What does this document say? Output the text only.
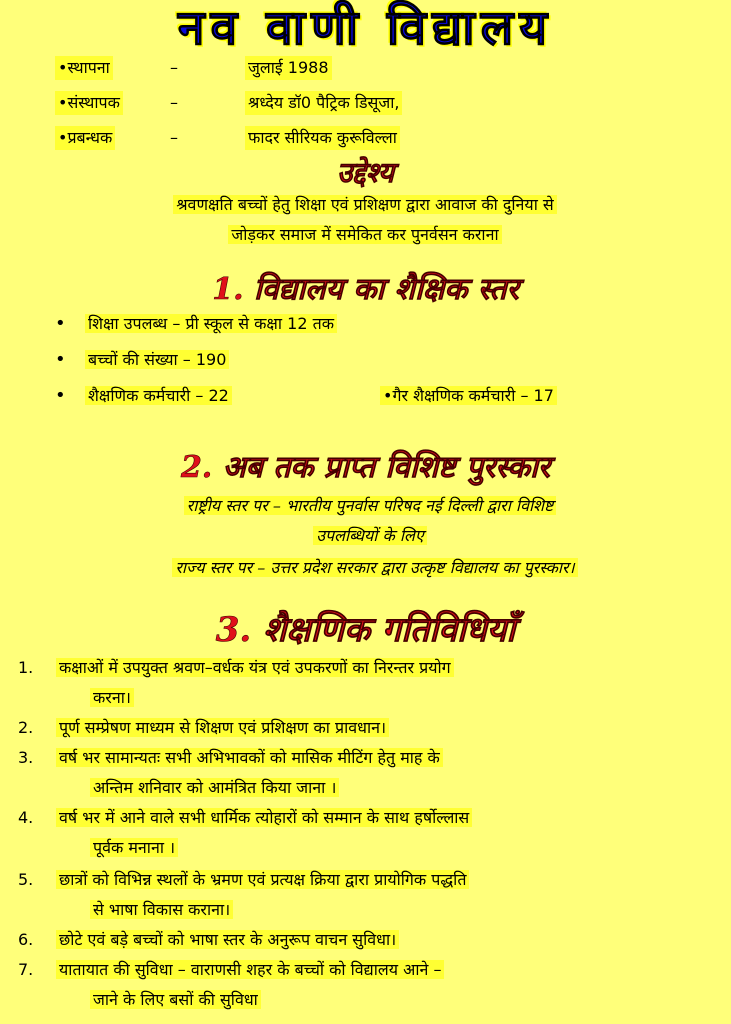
नव वाणी विद्यालय
•स्थापना	–	जुलाई 1988
•संस्थापक	–	श्रध्देय डॉ0 पैट्रिक डिसूजा,
•प्रबन्धक	–	फादर सीरियक कुरूविल्ला
उद्देश्य
श्रवणक्षति बच्चों हेतु शिक्षा एवं प्रशिक्षण द्वारा आवाज की दुनिया से
जोड़कर समाज में समेकित कर पुनर्वसन कराना
1. विद्यालय का शैक्षिक स्तर
• शिक्षा उपलब्ध – प्री स्कूल से कक्षा 12 तक
• बच्चों की संख्या – 190
• शैक्षणिक कर्मचारी – 22	•गैर शैक्षणिक कर्मचारी – 17
2. अब तक प्राप्त विशिष्ट पुरस्कार
राष्ट्रीय स्तर पर – भारतीय पुनर्वास परिषद नई दिल्ली द्वारा विशिष्ट
उपलब्धियों के लिए
राज्य स्तर पर – उत्तर प्रदेश सरकार द्वारा उत्कृष्ट विद्यालय का पुरस्कार।
3. शैक्षणिक गतिविधियाँ
1. कक्षाओं में उपयुक्त श्रवण–वर्धक यंत्र एवं उपकरणों का निरन्तर प्रयोग
करना।
2. पूर्ण सम्प्रेषण माध्यम से शिक्षण एवं प्रशिक्षण का प्रावधान।
3. वर्ष भर सामान्यतः सभी अभिभावकों को मासिक मीटिंग हेतु माह के
अन्तिम शनिवार को आमंत्रित किया जाना ।
4. वर्ष भर में आने वाले सभी धार्मिक त्योहारों को सम्मान के साथ हर्षोल्लास
पूर्वक मनाना ।
5. छात्रों को विभिन्न स्थलों के भ्रमण एवं प्रत्यक्ष क्रिया द्वारा प्रायोगिक पद्धति
से भाषा विकास कराना।
6. छोटे एवं बड़े बच्चों को भाषा स्तर के अनुरूप वाचन सुविधा।
7. यातायात की सुविधा – वाराणसी शहर के बच्चों को विद्यालय आने –
जाने के लिए बसों की सुविधा
